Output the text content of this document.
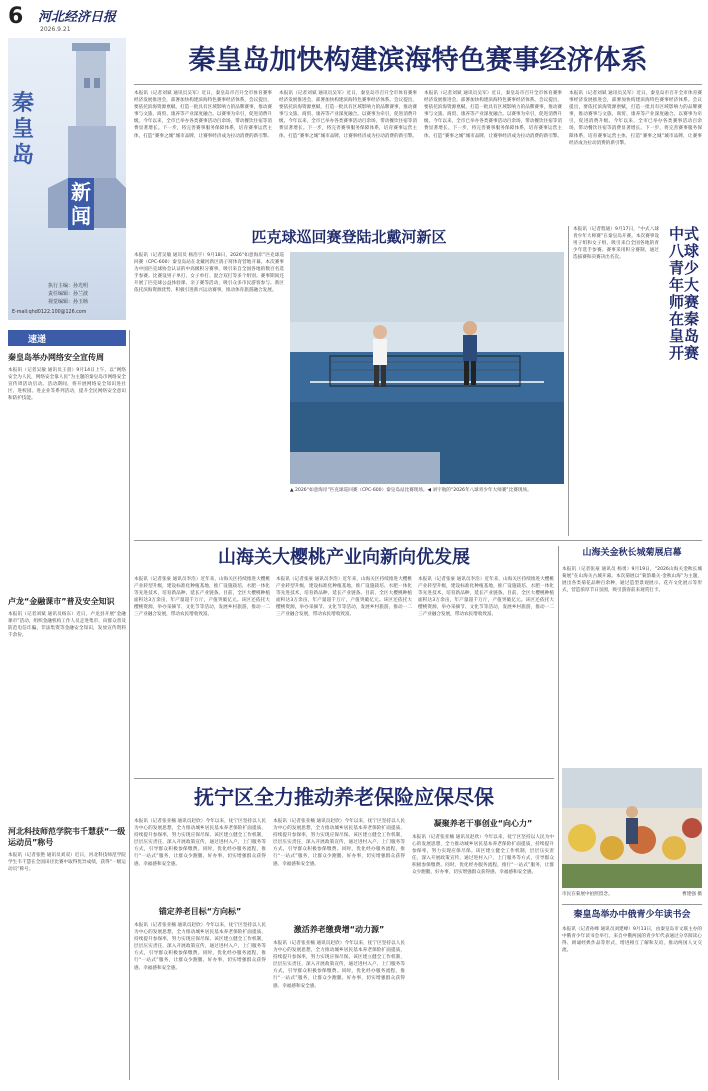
6 河北经济日报
2026.9.21
秦皇岛
新闻
执行主编：孙光明
责任编辑：孙兰波
视觉编辑：孙玉旸
E-mail:qhd0122.100@126.com
秦皇岛加快构建滨海特色赛事经济体系
本报讯（记者刘斌 通讯员吴军）近日，秦皇岛市召开全市体育赛事经济发展推进会，部署加快构建滨海特色赛事经济体系。会议提出，要依托滨海资源禀赋，打造一批具有区域影响力的品牌赛事，推动赛事与文旅、商贸、康养等产业深度融合。以赛事为牵引，促进消费升级。今年以来，全市已举办各类赛事活动百余场，带动餐饮住宿等消费显著增长。下一步，将完善赛事服务保障体系，培育赛事运营主体，打造“赛事之城”城市品牌，让赛事经济成为拉动消费的新引擎。
本报讯（记者刘斌 通讯员吴军）近日，秦皇岛市召开全市体育赛事经济发展推进会，部署加快构建滨海特色赛事经济体系。会议提出，要依托滨海资源禀赋，打造一批具有区域影响力的品牌赛事，推动赛事与文旅、商贸、康养等产业深度融合。以赛事为牵引，促进消费升级。今年以来，全市已举办各类赛事活动百余场，带动餐饮住宿等消费显著增长。下一步，将完善赛事服务保障体系，培育赛事运营主体，打造“赛事之城”城市品牌，让赛事经济成为拉动消费的新引擎。
本报讯（记者刘斌 通讯员吴军）近日，秦皇岛市召开全市体育赛事经济发展推进会，部署加快构建滨海特色赛事经济体系。会议提出，要依托滨海资源禀赋，打造一批具有区域影响力的品牌赛事，推动赛事与文旅、商贸、康养等产业深度融合。以赛事为牵引，促进消费升级。今年以来，全市已举办各类赛事活动百余场，带动餐饮住宿等消费显著增长。下一步，将完善赛事服务保障体系，培育赛事运营主体，打造“赛事之城”城市品牌，让赛事经济成为拉动消费的新引擎。
本报讯（记者刘斌 通讯员吴军）近日，秦皇岛市召开全市体育赛事经济发展推进会，部署加快构建滨海特色赛事经济体系。会议提出，要依托滨海资源禀赋，打造一批具有区域影响力的品牌赛事，推动赛事与文旅、商贸、康养等产业深度融合。以赛事为牵引，促进消费升级。今年以来，全市已举办各类赛事活动百余场，带动餐饮住宿等消费显著增长。下一步，将完善赛事服务保障体系，培育赛事运营主体，打造“赛事之城”城市品牌，让赛事经济成为拉动消费的新引擎。
匹克球巡回赛登陆北戴河新区
本报讯（记者吴敏 通讯员 杨浩宇）9月18日，2026“如意海岸”匹克球巡回赛（CPC-600）秦皇岛站在北戴河新区鸽子窝体育营地开幕。本次赛事为中国匹克球协会认证的中高级积分赛事，吸引来自全国各地的数百名选手参赛。比赛设男子单打、女子单打、混合双打等多个组别。赛事期间还开展了匹克球公益体验课、亲子赛等活动，吸引众多市民游客参与。新区依托滨海资源优势，积极引进新兴运动赛事，推动体育旅游融合发展。
▲ 2026“如意海岸”匹克球巡回赛（CPC-600）秦皇岛站比赛现场。◀ 刘宇航的“2026年八球青少年大师赛”比赛现场。
本报讯（记者程通）9月17日，“中式八球青少年大师赛”在秦皇岛开赛。本次赛事设男子组和女子组，吸引来自全国各地的青少年选手参赛。赛事采用积分赛制，通过选拔赛和决赛决出名次。
中式八球青少年大师赛在秦皇岛开赛
速递
秦皇岛举办网络安全宣传周
本报讯（记者吴敏 通讯员王晨）9月14日上午，以“网络安全为人民，网络安全靠人民”为主题的秦皇岛市网络安全宣传周活动启动。活动期间，将开展网络安全知识进社区、进校园、进企业等系列活动，提升全民网络安全意识和防护技能。
卢龙“金融课市”普及安全知识
本报讯（记者刘斌 通讯员杨东）近日，卢龙县开展“金融课市”活动，组织金融机构工作人员走进集市，向群众普及防范电信诈骗、非法集资等金融安全知识，发放宣传资料千余份。
河北科技师范学院韦千慧获“一级运动员”称号
本报讯（记者张艳 通讯员刘双）近日，河北科技师范学院学生韦千慧在全国田径比赛中取得优异成绩，获得“一级运动员”称号。
山海关大樱桃产业向新向优发展
本报讯（记者张豪 通讯员李浩）近年来，山海关区持续推进大樱桃产业转型升级，建设标准化种植基地，推广设施栽培、水肥一体化等先进技术，培育新品种，延长产业链条。目前，全区大樱桃种植面积达3万余亩，年产量超千万斤，产值突破亿元。该区还依托大樱桃资源，举办采摘节、文化节等活动，发展乡村旅游，推动一二三产业融合发展，带动农民增收致富。
本报讯（记者张豪 通讯员李浩）近年来，山海关区持续推进大樱桃产业转型升级，建设标准化种植基地，推广设施栽培、水肥一体化等先进技术，培育新品种，延长产业链条。目前，全区大樱桃种植面积达3万余亩，年产量超千万斤，产值突破亿元。该区还依托大樱桃资源，举办采摘节、文化节等活动，发展乡村旅游，推动一二三产业融合发展，带动农民增收致富。
本报讯（记者张豪 通讯员李浩）近年来，山海关区持续推进大樱桃产业转型升级，建设标准化种植基地，推广设施栽培、水肥一体化等先进技术，培育新品种，延长产业链条。目前，全区大樱桃种植面积达3万余亩，年产量超千万斤，产值突破亿元。该区还依托大樱桃资源，举办采摘节、文化节等活动，发展乡村旅游，推动一二三产业融合发展，带动农民增收致富。
山海关金秋长城菊展启幕
本报讯（记者张豪 通讯员 杨勇）9月19日，“2026山海关金秋长城菊展”在山海关古城开幕。本次菊展以“菊韵雄关·金秋山海”为主题，展出各类菊花品种百余种，通过造型景观展示、花卉文化展示等形式，营造浓厚节日氛围，吸引游客前来观赏打卡。
市民在菊展中拍照留念。	曹建强 摄
秦皇岛举办中俄青少年读书会
本报讯（记者孙峰 通讯员刘建峰）9月13日，由秦皇岛市文联主办的中俄青少年读书会举行。来自中俄两国的青少年代表通过分享阅读心得、朗诵经典作品等形式，增进相互了解和友谊，推动两国人文交流。
抚宁区全力推动养老保险应保尽保
本报讯（记者张亚楠 通讯员赵欣）今年以来，抚宁区坚持以人民为中心的发展思想，全力推动城乡居民基本养老保险扩面提质，持续提升参保率，努力实现应保尽保。该区建立健全工作机制，层层压实责任，深入开展政策宣传，通过进村入户、上门服务等方式，引导群众积极参保缴费。同时，优化经办服务流程，推行“一站式”服务，让群众少跑腿、好办事，切实增强群众获得感、幸福感和安全感。
锚定养老目标“方向标”
本报讯（记者张亚楠 通讯员赵欣）今年以来，抚宁区坚持以人民为中心的发展思想，全力推动城乡居民基本养老保险扩面提质，持续提升参保率，努力实现应保尽保。该区建立健全工作机制，层层压实责任，深入开展政策宣传，通过进村入户、上门服务等方式，引导群众积极参保缴费。同时，优化经办服务流程，推行“一站式”服务，让群众少跑腿、好办事，切实增强群众获得感、幸福感和安全感。
本报讯（记者张亚楠 通讯员赵欣）今年以来，抚宁区坚持以人民为中心的发展思想，全力推动城乡居民基本养老保险扩面提质，持续提升参保率，努力实现应保尽保。该区建立健全工作机制，层层压实责任，深入开展政策宣传，通过进村入户、上门服务等方式，引导群众积极参保缴费。同时，优化经办服务流程，推行“一站式”服务，让群众少跑腿、好办事，切实增强群众获得感、幸福感和安全感。
激活养老缴费增“动力源”
本报讯（记者张亚楠 通讯员赵欣）今年以来，抚宁区坚持以人民为中心的发展思想，全力推动城乡居民基本养老保险扩面提质，持续提升参保率，努力实现应保尽保。该区建立健全工作机制，层层压实责任，深入开展政策宣传，通过进村入户、上门服务等方式，引导群众积极参保缴费。同时，优化经办服务流程，推行“一站式”服务，让群众少跑腿、好办事，切实增强群众获得感、幸福感和安全感。
凝聚养老干事创业“向心力”
本报讯（记者张亚楠 通讯员赵欣）今年以来，抚宁区坚持以人民为中心的发展思想，全力推动城乡居民基本养老保险扩面提质，持续提升参保率，努力实现应保尽保。该区建立健全工作机制，层层压实责任，深入开展政策宣传，通过进村入户、上门服务等方式，引导群众积极参保缴费。同时，优化经办服务流程，推行“一站式”服务，让群众少跑腿、好办事，切实增强群众获得感、幸福感和安全感。
